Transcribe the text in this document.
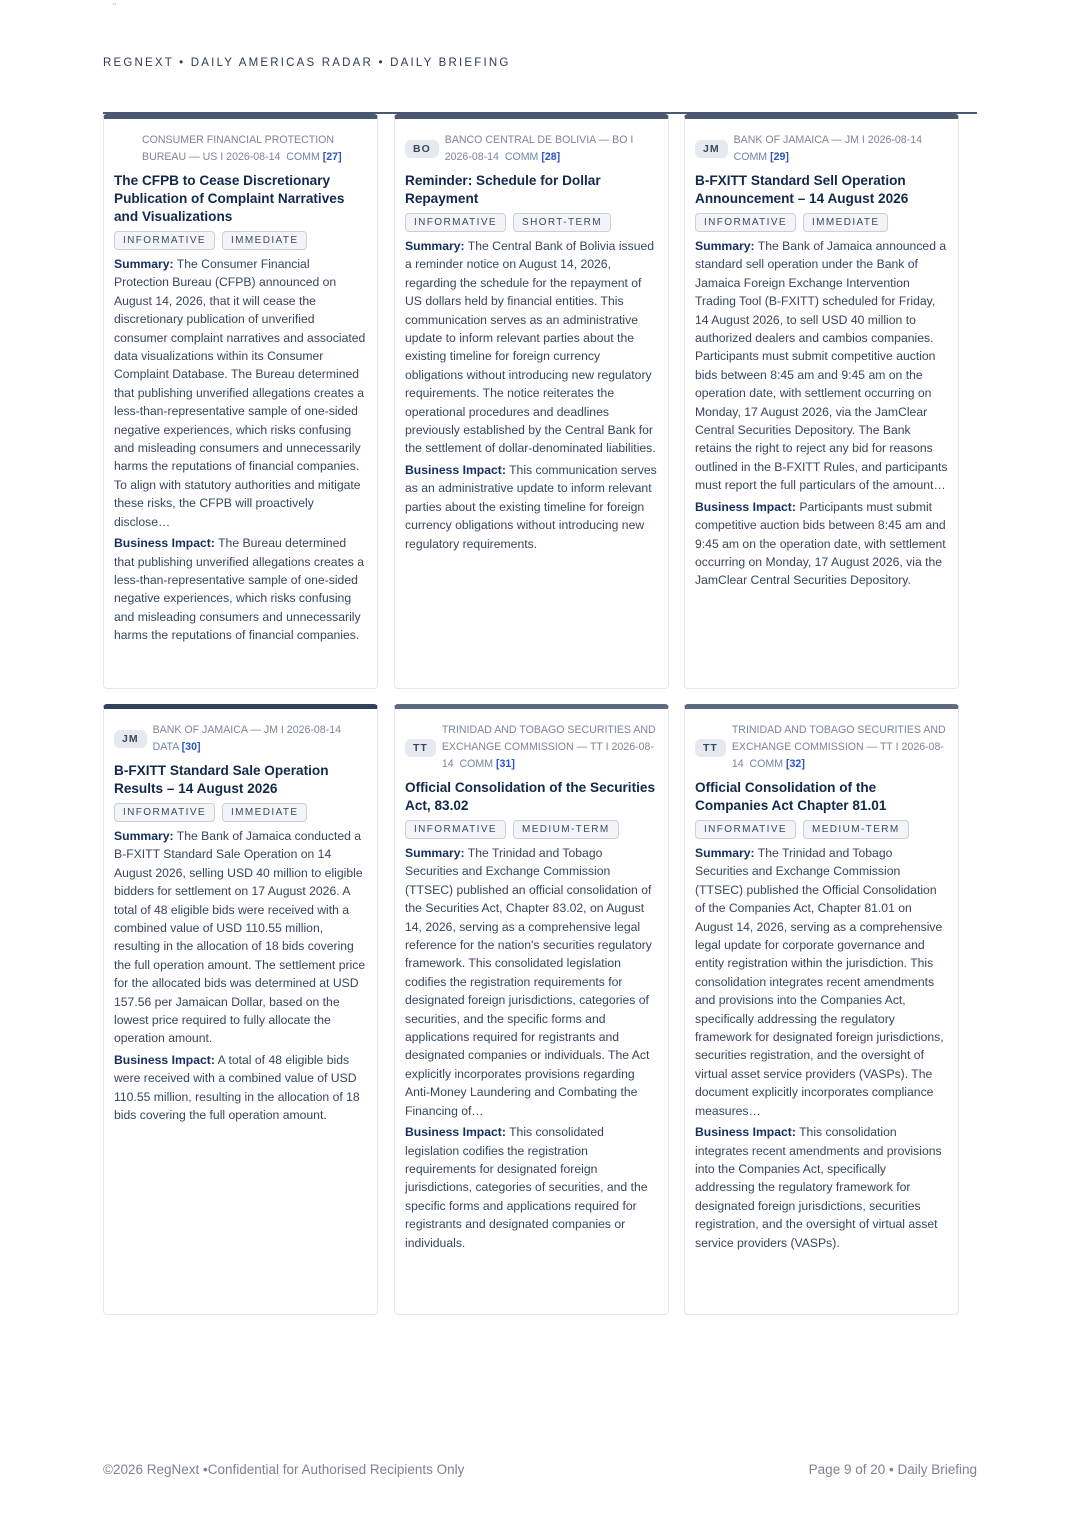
"
REGNEXT • DAILY AMERICAS RADAR • DAILY BRIEFING
CONSUMER FINANCIAL PROTECTION BUREAU — US I 2026-08-14 COMM [27]
The CFPB to Cease Discretionary Publication of Complaint Narratives and Visualizations
INFORMATIVE	IMMEDIATE

Summary: The Consumer Financial Protection Bureau (CFPB) announced on August 14, 2026, that it will cease the discretionary publication of unverified consumer complaint narratives and associated data visualizations within its Consumer Complaint Database. The Bureau determined that publishing unverified allegations creates a less-than-representative sample of one-sided negative experiences, which risks confusing and misleading consumers and unnecessarily harms the reputations of financial companies. To align with statutory authorities and mitigate these risks, the CFPB will proactively disclose…

Business Impact: The Bureau determined that publishing unverified allegations creates a less-than-representative sample of one-sided negative experiences, which risks confusing and misleading consumers and unnecessarily harms the reputations of financial companies.

BO
BANCO CENTRAL DE BOLIVIA — BO I 2026-08-14 COMM [28]
Reminder: Schedule for Dollar Repayment
INFORMATIVE	SHORT-TERM

Summary: The Central Bank of Bolivia issued a reminder notice on August 14, 2026, regarding the schedule for the repayment of US dollars held by financial entities. This communication serves as an administrative update to inform relevant parties about the existing timeline for foreign currency obligations without introducing new regulatory requirements. The notice reiterates the operational procedures and deadlines previously established by the Central Bank for the settlement of dollar-denominated liabilities.

Business Impact: This communication serves as an administrative update to inform relevant parties about the existing timeline for foreign currency obligations without introducing new regulatory requirements.

JM
BANK OF JAMAICA — JM I 2026-08-14  COMM [29]
B-FXITT Standard Sell Operation Announcement – 14 August 2026
INFORMATIVE	IMMEDIATE

Summary: The Bank of Jamaica announced a standard sell operation under the Bank of Jamaica Foreign Exchange Intervention Trading Tool (B-FXITT) scheduled for Friday, 14 August 2026, to sell USD 40 million to authorized dealers and cambios companies. Participants must submit competitive auction bids between 8:45 am and 9:45 am on the operation date, with settlement occurring on Monday, 17 August 2026, via the JamClear Central Securities Depository. The Bank retains the right to reject any bid for reasons outlined in the B-FXITT Rules, and participants must report the full particulars of the amount…

Business Impact: Participants must submit competitive auction bids between 8:45 am and 9:45 am on the operation date, with settlement occurring on Monday, 17 August 2026, via the JamClear Central Securities Depository.

JM
BANK OF JAMAICA — JM I 2026-08-14  DATA [30]
B-FXITT Standard Sale Operation Results – 14 August 2026
INFORMATIVE	IMMEDIATE

Summary: The Bank of Jamaica conducted a B-FXITT Standard Sale Operation on 14 August 2026, selling USD 40 million to eligible bidders for settlement on 17 August 2026. A total of 48 eligible bids were received with a combined value of USD 110.55 million, resulting in the allocation of 18 bids covering the full operation amount. The settlement price for the allocated bids was determined at USD 157.56 per Jamaican Dollar, based on the lowest price required to fully allocate the operation amount.

Business Impact: A total of 48 eligible bids were received with a combined value of USD 110.55 million, resulting in the allocation of 18 bids covering the full operation amount.

TT
TRINIDAD AND TOBAGO SECURITIES AND EXCHANGE COMMISSION — TT I 2026-08-14 COMM [31]
Official Consolidation of the Securities Act, 83.02
INFORMATIVE	MEDIUM-TERM

Summary: The Trinidad and Tobago Securities and Exchange Commission (TTSEC) published an official consolidation of the Securities Act, Chapter 83.02, on August 14, 2026, serving as a comprehensive legal reference for the nation's securities regulatory framework. This consolidated legislation codifies the registration requirements for designated foreign jurisdictions, categories of securities, and the specific forms and applications required for registrants and designated companies or individuals. The Act explicitly incorporates provisions regarding Anti-Money Laundering and Combating the Financing of…

Business Impact: This consolidated legislation codifies the registration requirements for designated foreign jurisdictions, categories of securities, and the specific forms and applications required for registrants and designated companies or individuals.

TT
TRINIDAD AND TOBAGO SECURITIES AND EXCHANGE COMMISSION — TT I 2026-08-14 COMM [32]
Official Consolidation of the Companies Act Chapter 81.01
INFORMATIVE	MEDIUM-TERM

Summary: The Trinidad and Tobago Securities and Exchange Commission (TTSEC) published the Official Consolidation of the Companies Act, Chapter 81.01 on August 14, 2026, serving as a comprehensive legal update for corporate governance and entity registration within the jurisdiction. This consolidation integrates recent amendments and provisions into the Companies Act, specifically addressing the regulatory framework for designated foreign jurisdictions, securities registration, and the oversight of virtual asset service providers (VASPs). The document explicitly incorporates compliance measures…

Business Impact: This consolidation integrates recent amendments and provisions into the Companies Act, specifically addressing the regulatory framework for designated foreign jurisdictions, securities registration, and the oversight of virtual asset service providers (VASPs).

©2026 RegNext •Confidential for Authorised Recipients Only	Page 9 of 20 • Daily Briefing
